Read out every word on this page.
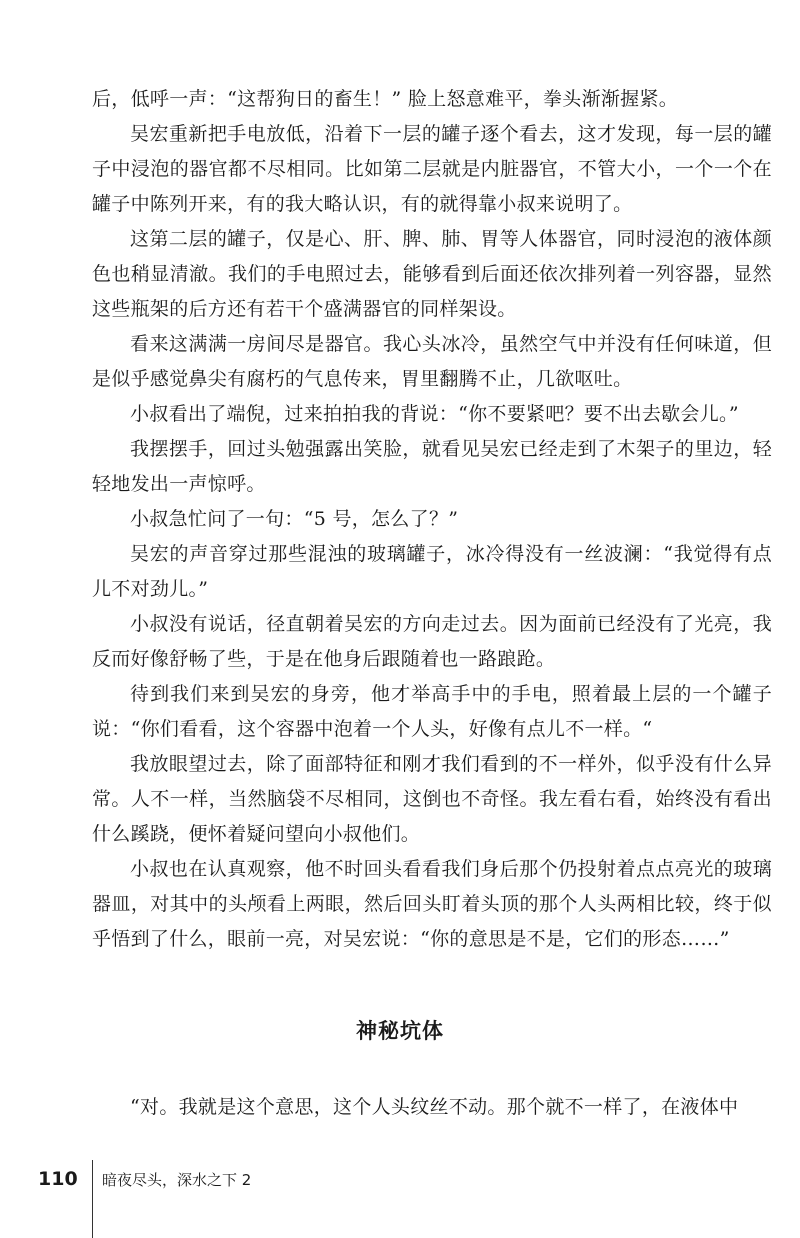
后，低呼一声：“这帮狗日的畜生！” 脸上怒意难平，拳头渐渐握紧。

吴宏重新把手电放低，沿着下一层的罐子逐个看去，这才发现，每一层的罐子中浸泡的器官都不尽相同。比如第二层就是内脏器官，不管大小，一个一个在罐子中陈列开来，有的我大略认识，有的就得靠小叔来说明了。

这第二层的罐子，仅是心、肝、脾、肺、胃等人体器官，同时浸泡的液体颜色也稍显清澈。我们的手电照过去，能够看到后面还依次排列着一列容器，显然这些瓶架的后方还有若干个盛满器官的同样架设。

看来这满满一房间尽是器官。我心头冰冷，虽然空气中并没有任何味道，但是似乎感觉鼻尖有腐朽的气息传来，胃里翻腾不止，几欲呕吐。

小叔看出了端倪，过来拍拍我的背说：“你不要紧吧？要不出去歇会儿。”

我摆摆手，回过头勉强露出笑脸，就看见吴宏已经走到了木架子的里边，轻轻地发出一声惊呼。

小叔急忙问了一句：“5 号，怎么了？”

吴宏的声音穿过那些混浊的玻璃罐子，冰冷得没有一丝波澜：“我觉得有点儿不对劲儿。”

小叔没有说话，径直朝着吴宏的方向走过去。因为面前已经没有了光亮，我反而好像舒畅了些，于是在他身后跟随着也一路踉跄。

待到我们来到吴宏的身旁，他才举高手中的手电，照着最上层的一个罐子说：“你们看看，这个容器中泡着一个人头，好像有点儿不一样。“

我放眼望过去，除了面部特征和刚才我们看到的不一样外，似乎没有什么异常。人不一样，当然脑袋不尽相同，这倒也不奇怪。我左看右看，始终没有看出什么蹊跷，便怀着疑问望向小叔他们。

小叔也在认真观察，他不时回头看看我们身后那个仍投射着点点亮光的玻璃器皿，对其中的头颅看上两眼，然后回头盯着头顶的那个人头两相比较，终于似乎悟到了什么，眼前一亮，对吴宏说：“你的意思是不是，它们的形态……”

神秘坑体

“对。我就是这个意思，这个人头纹丝不动。那个就不一样了，在液体中

110 暗夜尽头，深水之下 2
